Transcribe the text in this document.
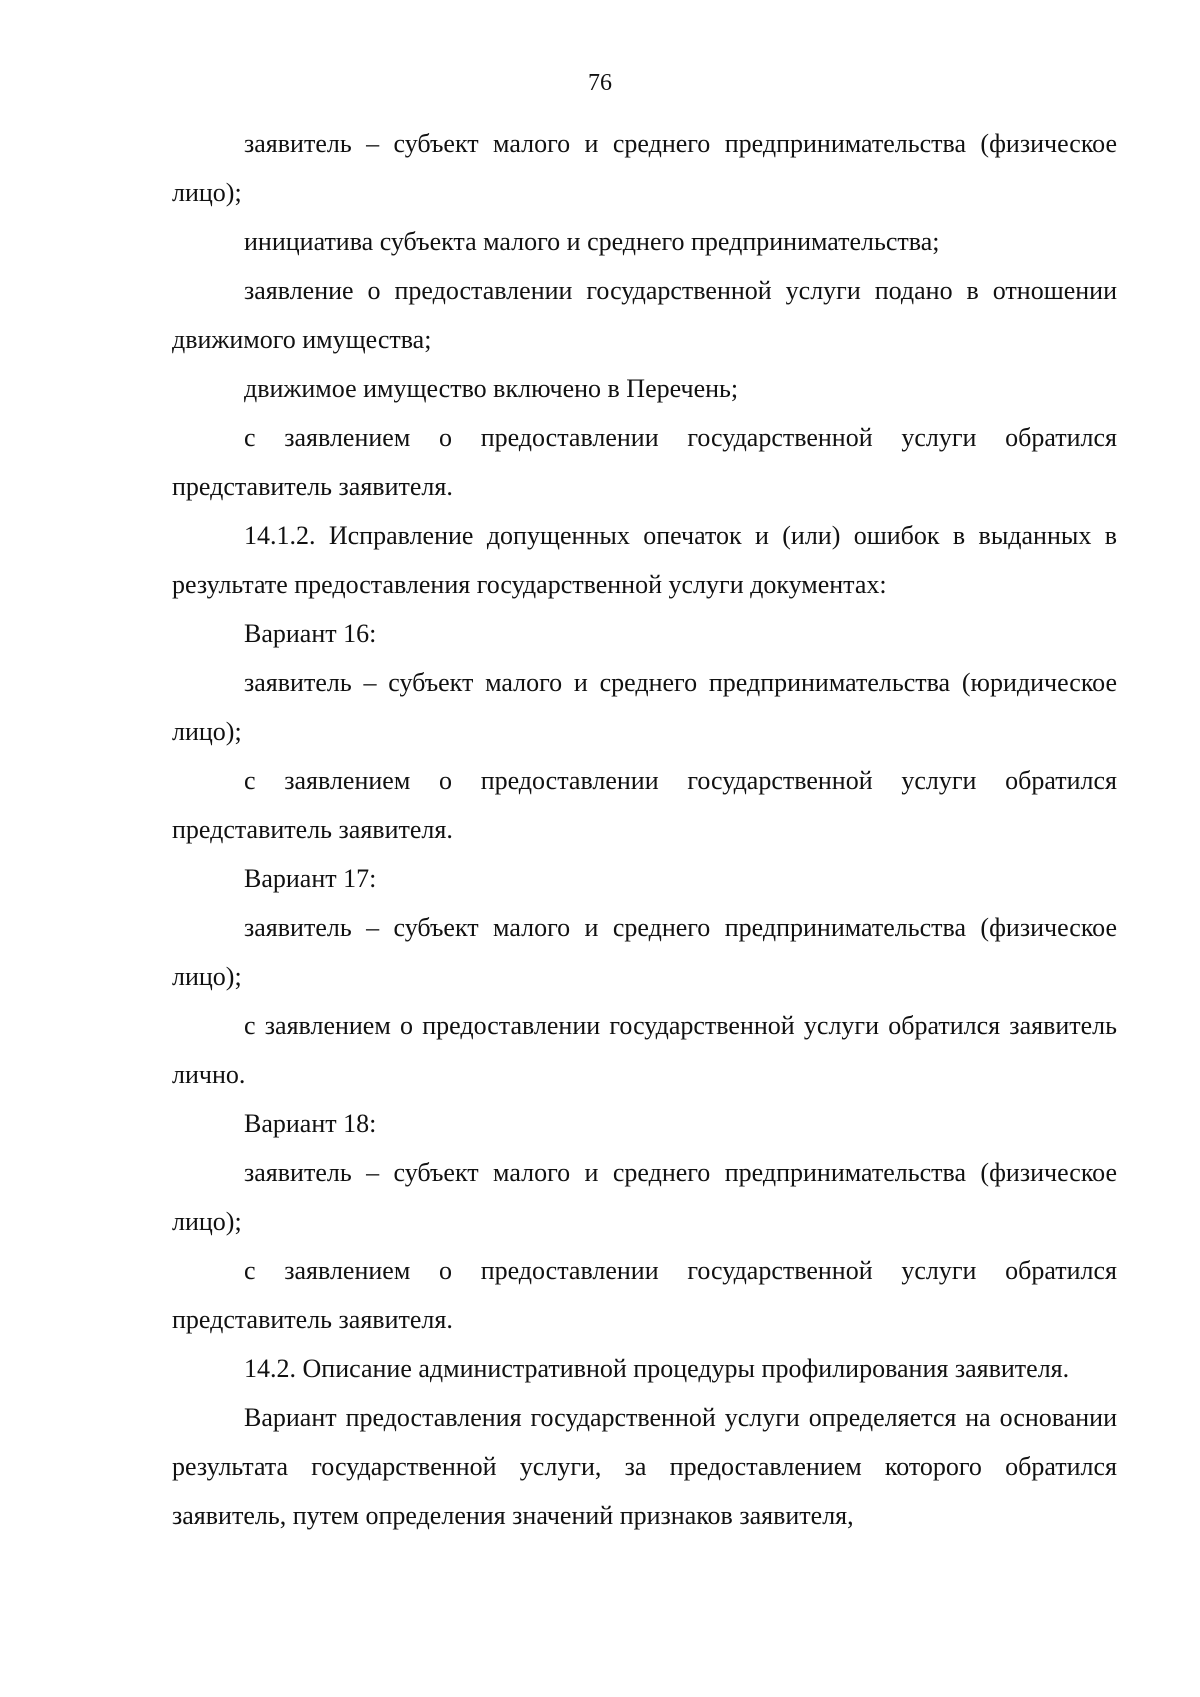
76

заявитель – субъект малого и среднего предпринимательства (физическое лицо);

инициатива субъекта малого и среднего предпринимательства;

заявление о предоставлении государственной услуги подано в отношении движимого имущества;

движимое имущество включено в Перечень;

с заявлением о предоставлении государственной услуги обратился представитель заявителя.

14.1.2. Исправление допущенных опечаток и (или) ошибок в выданных в результате предоставления государственной услуги документах:

Вариант 16:

заявитель – субъект малого и среднего предпринимательства (юридическое лицо);

с заявлением о предоставлении государственной услуги обратился представитель заявителя.

Вариант 17:

заявитель – субъект малого и среднего предпринимательства (физическое лицо);

с заявлением о предоставлении государственной услуги обратился заявитель лично.

Вариант 18:

заявитель – субъект малого и среднего предпринимательства (физическое лицо);

с заявлением о предоставлении государственной услуги обратился представитель заявителя.

14.2. Описание административной процедуры профилирования заявителя.

Вариант предоставления государственной услуги определяется на основании результата государственной услуги, за предоставлением которого обратился заявитель, путем определения значений признаков заявителя,
